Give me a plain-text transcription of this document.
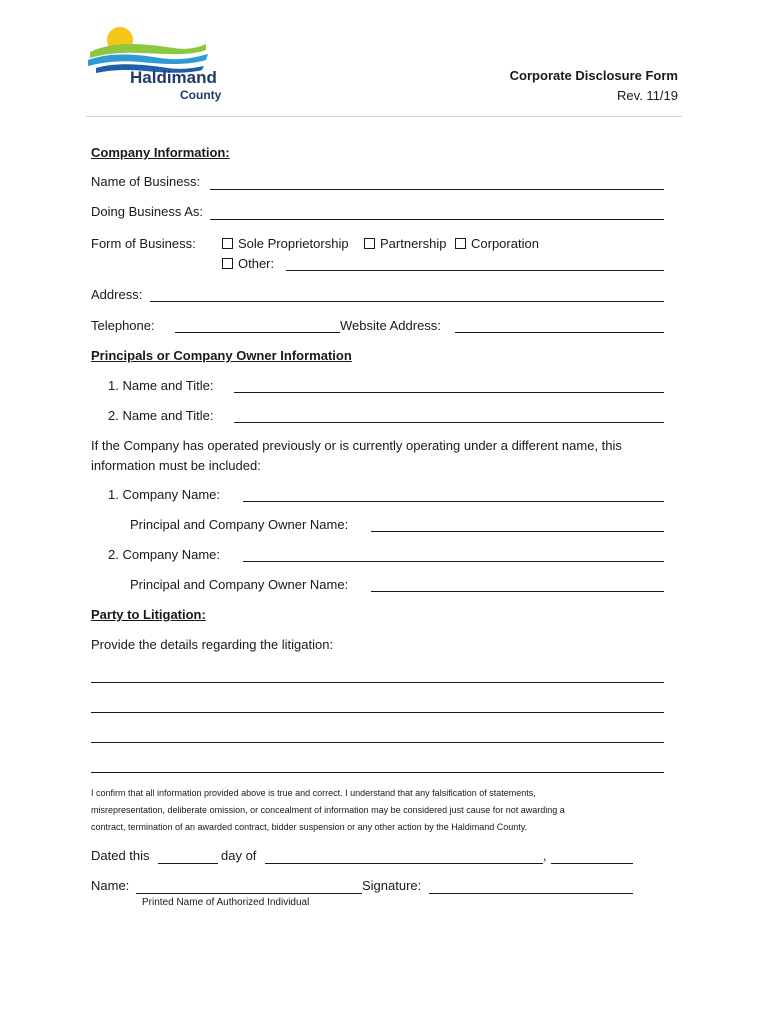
Haldimand
County
Corporate Disclosure Form
Rev. 11/19
Company Information:
Name of Business:
Doing Business As:
Form of Business:	Sole Proprietorship	Partnership	Corporation
Other:
Address:
Telephone:	Website Address:
Principals or Company Owner Information
1. Name and Title:
2. Name and Title:
If the Company has operated previously or is currently operating under a different name, this
information must be included:
1. Company Name:
Principal and Company Owner Name:
2. Company Name:
Principal and Company Owner Name:
Party to Litigation:
Provide the details regarding the litigation:
I confirm that all information provided above is true and correct. I understand that any falsification of statements,
misrepresentation, deliberate omission, or concealment of information may be considered just cause for not awarding a
contract, termination of an awarded contract, bidder suspension or any other action by the Haldimand County.
Dated this	day of	,
Name:	Signature:
Printed Name of Authorized Individual
